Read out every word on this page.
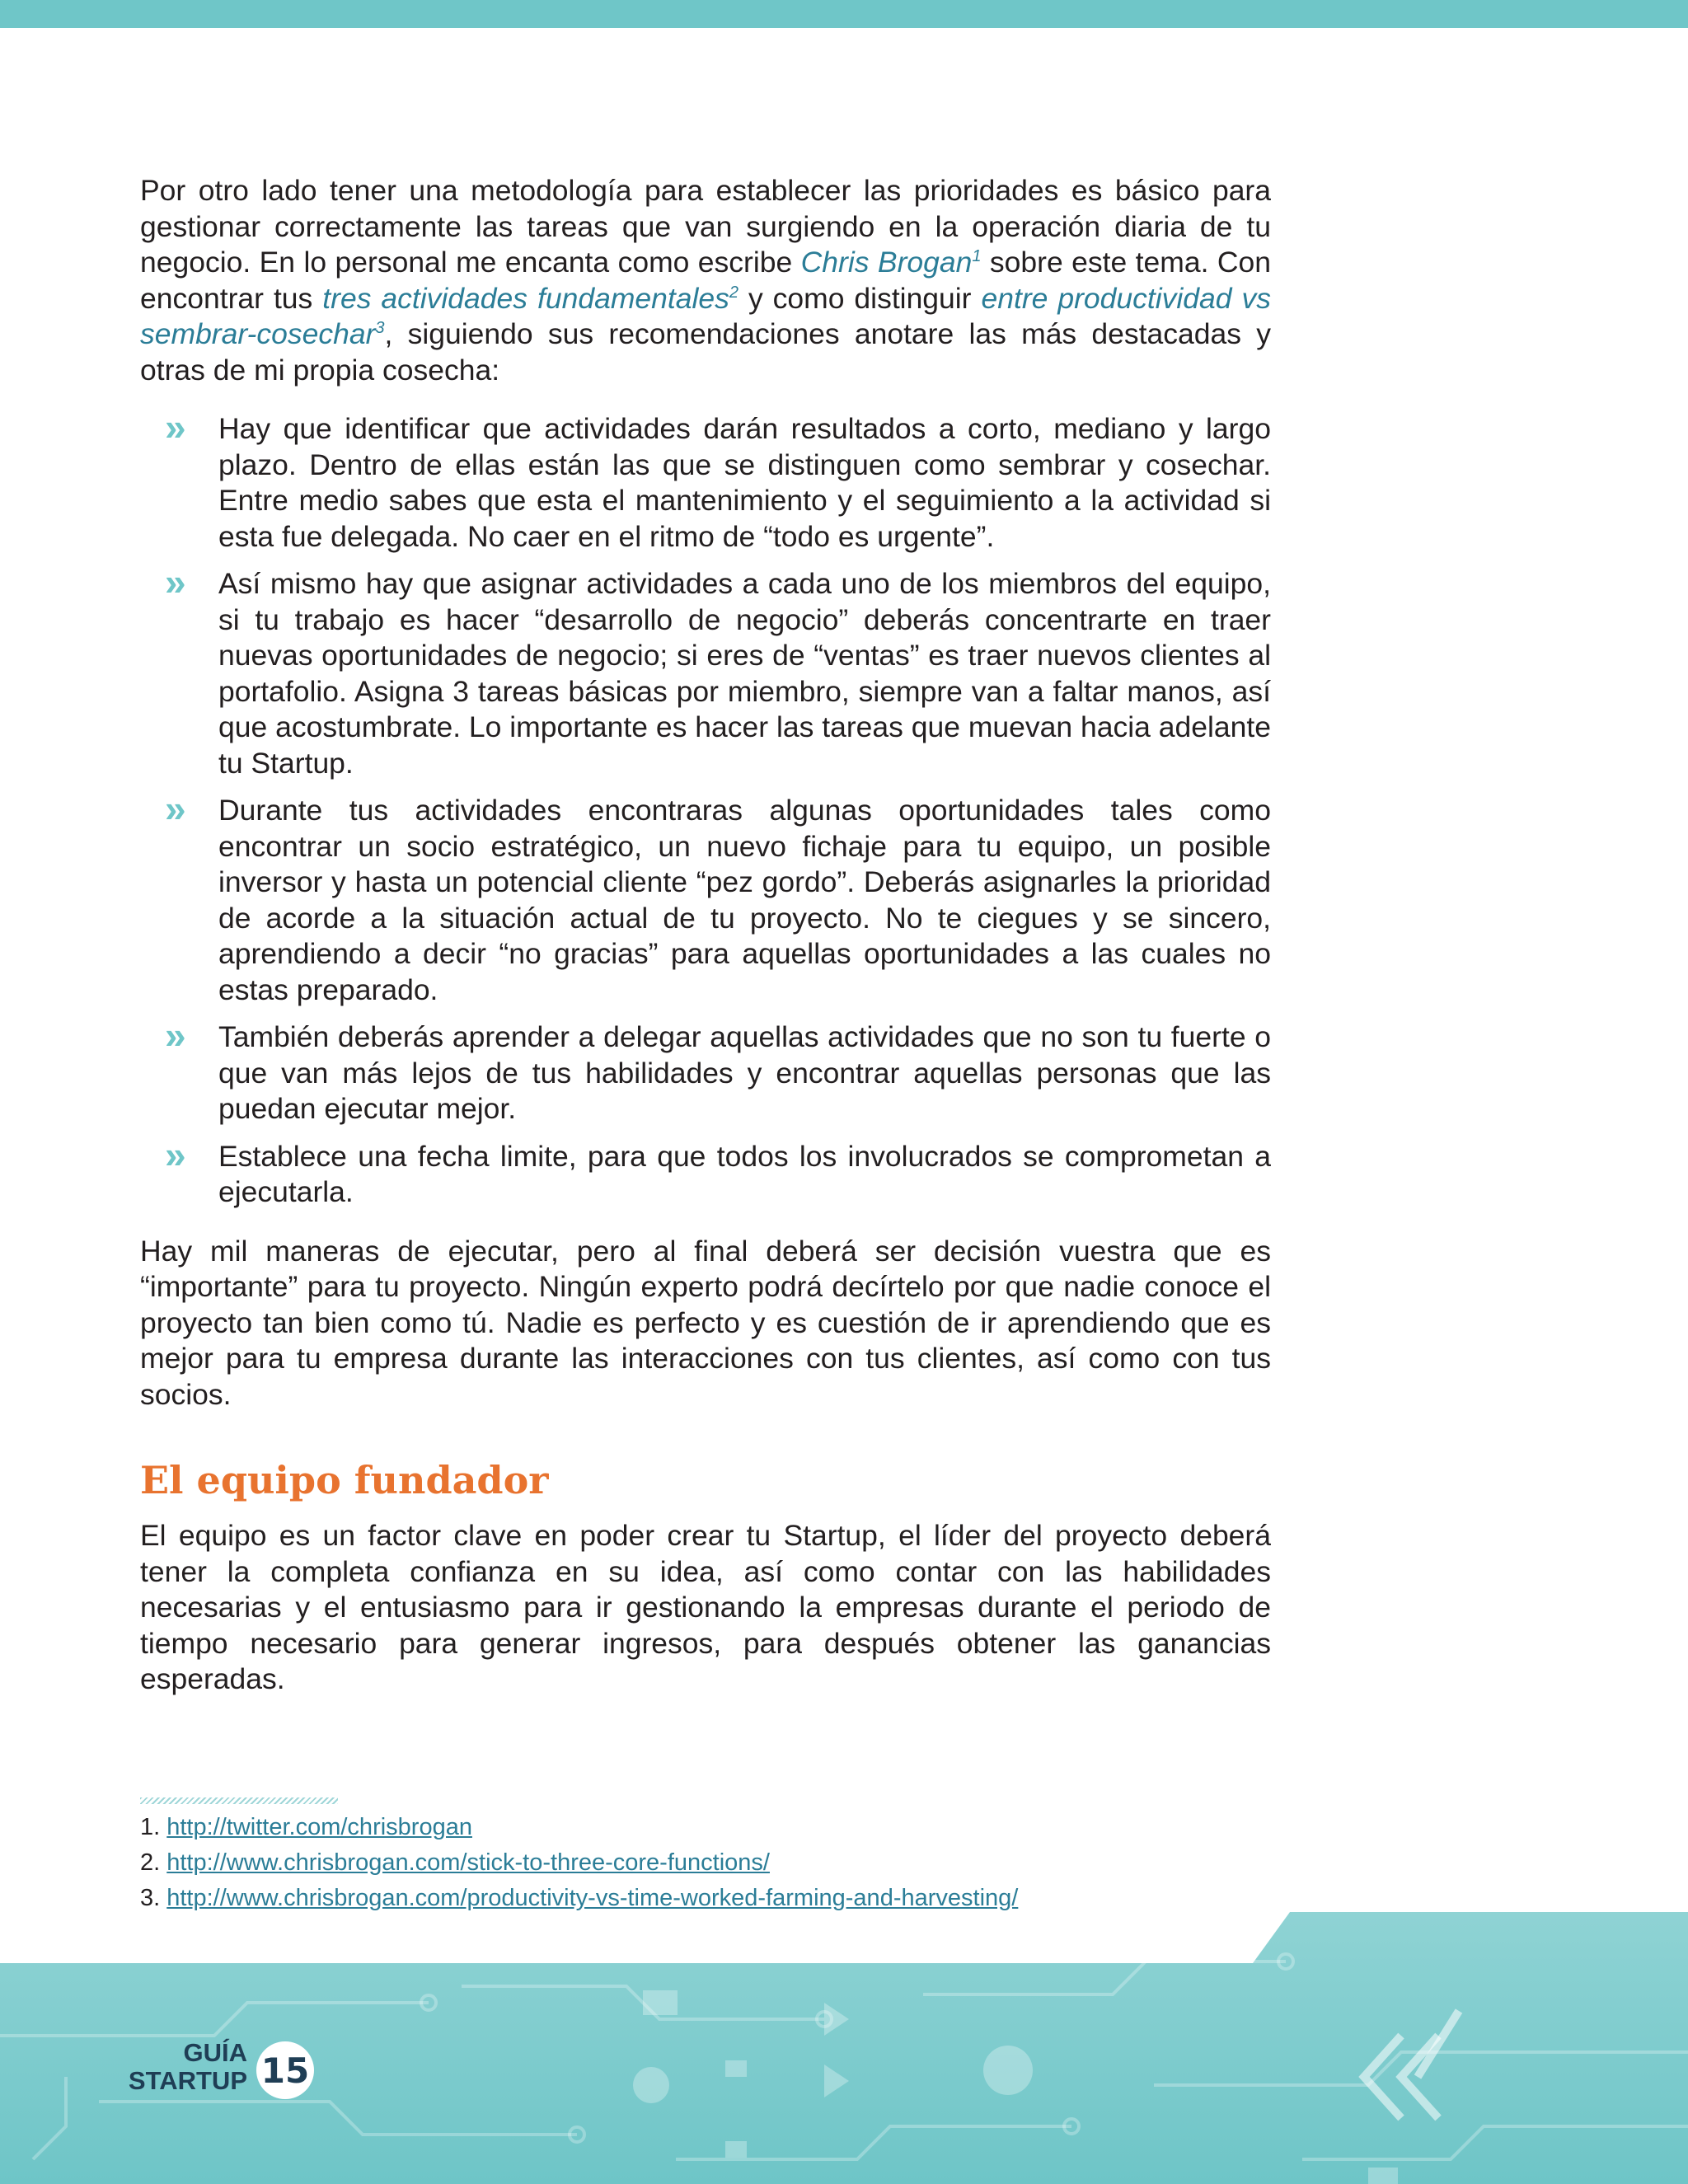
Por otro lado tener una metodología para establecer las prioridades es básico para gestionar correctamente las tareas que van surgiendo en la operación diaria de tu negocio. En lo personal me encanta como escribe Chris Brogan$^1$ sobre este tema. Con encontrar tus tres actividades fundamentales$^2$ y como distinguir entre productividad vs sembrar-cosechar$^3$, siguiendo sus recomendaciones anotare las más destacadas y otras de mi propia cosecha:

» Hay que identificar que actividades darán resultados a corto, mediano y largo plazo. Dentro de ellas están las que se distinguen como sembrar y cosechar. Entre medio sabes que esta el mantenimiento y el seguimiento a la actividad si esta fue delegada. No caer en el ritmo de “todo es urgente”.
» Así mismo hay que asignar actividades a cada uno de los miembros del equipo, si tu trabajo es hacer “desarrollo de negocio” deberás concentrarte en traer nuevas oportunidades de negocio; si eres de “ventas” es traer nuevos clientes al portafolio. Asigna 3 tareas básicas por miembro, siempre van a faltar manos, así que acostumbrate. Lo importante es hacer las tareas que muevan hacia adelante tu Startup.
» Durante tus actividades encontraras algunas oportunidades tales como encontrar un socio estratégico, un nuevo fichaje para tu equipo, un posible inversor y hasta un potencial cliente “pez gordo”. Deberás asignarles la prioridad de acorde a la situación actual de tu proyecto. No te ciegues y se sincero, aprendiendo a decir “no gracias” para aquellas oportunidades a las cuales no estas preparado.
» También deberás aprender a delegar aquellas actividades que no son tu fuerte o que van más lejos de tus habilidades y encontrar aquellas personas que las puedan ejecutar mejor.
» Establece una fecha limite, para que todos los involucrados se comprometan a ejecutarla.

Hay mil maneras de ejecutar, pero al final deberá ser decisión vuestra que es “importante” para tu proyecto. Ningún experto podrá decírtelo por que nadie conoce el proyecto tan bien como tú. Nadie es perfecto y es cuestión de ir aprendiendo que es mejor para tu empresa durante las interacciones con tus clientes, así como con tus socios.

El equipo fundador

El equipo es un factor clave en poder crear tu Startup, el líder del proyecto deberá tener la completa confianza en su idea, así como contar con las habilidades necesarias y el entusiasmo para ir gestionando la empresas durante el periodo de tiempo necesario para generar ingresos, para después obtener las ganancias esperadas.

1. http://twitter.com/chrisbrogan
2. http://www.chrisbrogan.com/stick-to-three-core-functions/
3. http://www.chrisbrogan.com/productivity-vs-time-worked-farming-and-harvesting/
GUÍA
STARTUP 15
